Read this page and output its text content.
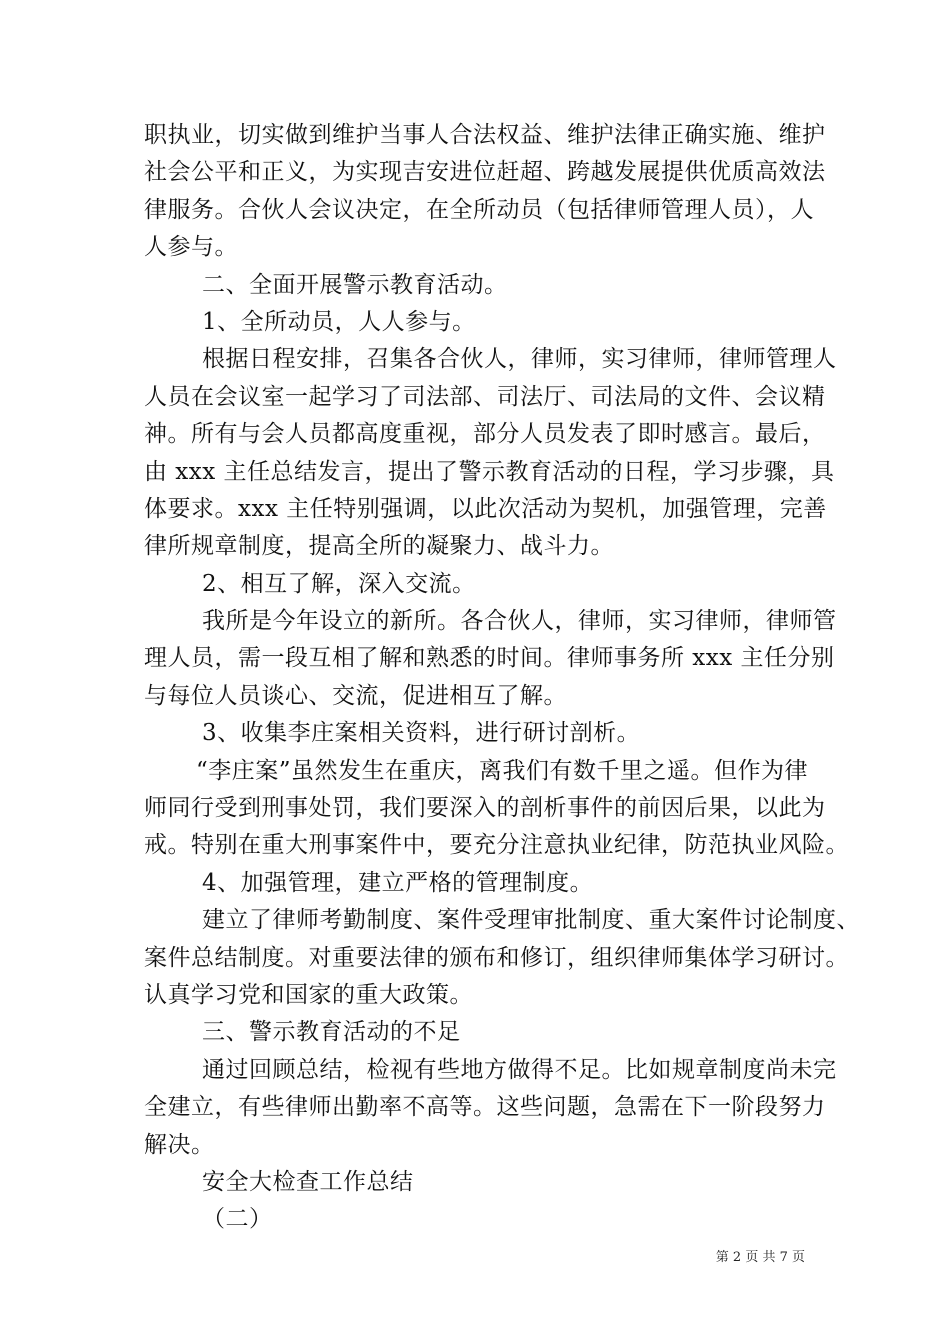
职执业，切实做到维护当事人合法权益、维护法律正确实施、维护
社会公平和正义，为实现吉安进位赶超、跨越发展提供优质高效法
律服务。合伙人会议决定，在全所动员（包括律师管理人员），人
人参与。
二、全面开展警示教育活动。
1、全所动员，人人参与。
根据日程安排，召集各合伙人，律师，实习律师，律师管理人
人员在会议室一起学习了司法部、司法厅、司法局的文件、会议精
神。所有与会人员都高度重视，部分人员发表了即时感言。最后，
由 xxx 主任总结发言，提出了警示教育活动的日程，学习步骤，具
体要求。xxx 主任特别强调，以此次活动为契机，加强管理，完善
律所规章制度，提高全所的凝聚力、战斗力。
2、相互了解，深入交流。
我所是今年设立的新所。各合伙人，律师，实习律师，律师管
理人员，需一段互相了解和熟悉的时间。律师事务所 xxx 主任分别
与每位人员谈心、交流，促进相互了解。
3、收集李庄案相关资料，进行研讨剖析。
“李庄案”虽然发生在重庆，离我们有数千里之遥。但作为律
师同行受到刑事处罚，我们要深入的剖析事件的前因后果，以此为
戒。特别在重大刑事案件中，要充分注意执业纪律，防范执业风险。
4、加强管理，建立严格的管理制度。
建立了律师考勤制度、案件受理审批制度、重大案件讨论制度、
案件总结制度。对重要法律的颁布和修订，组织律师集体学习研讨。
认真学习党和国家的重大政策。
三、警示教育活动的不足
通过回顾总结，检视有些地方做得不足。比如规章制度尚未完
全建立，有些律师出勤率不高等。这些问题，急需在下一阶段努力
解决。
安全大检查工作总结
（二）
第 2 页 共 7 页
